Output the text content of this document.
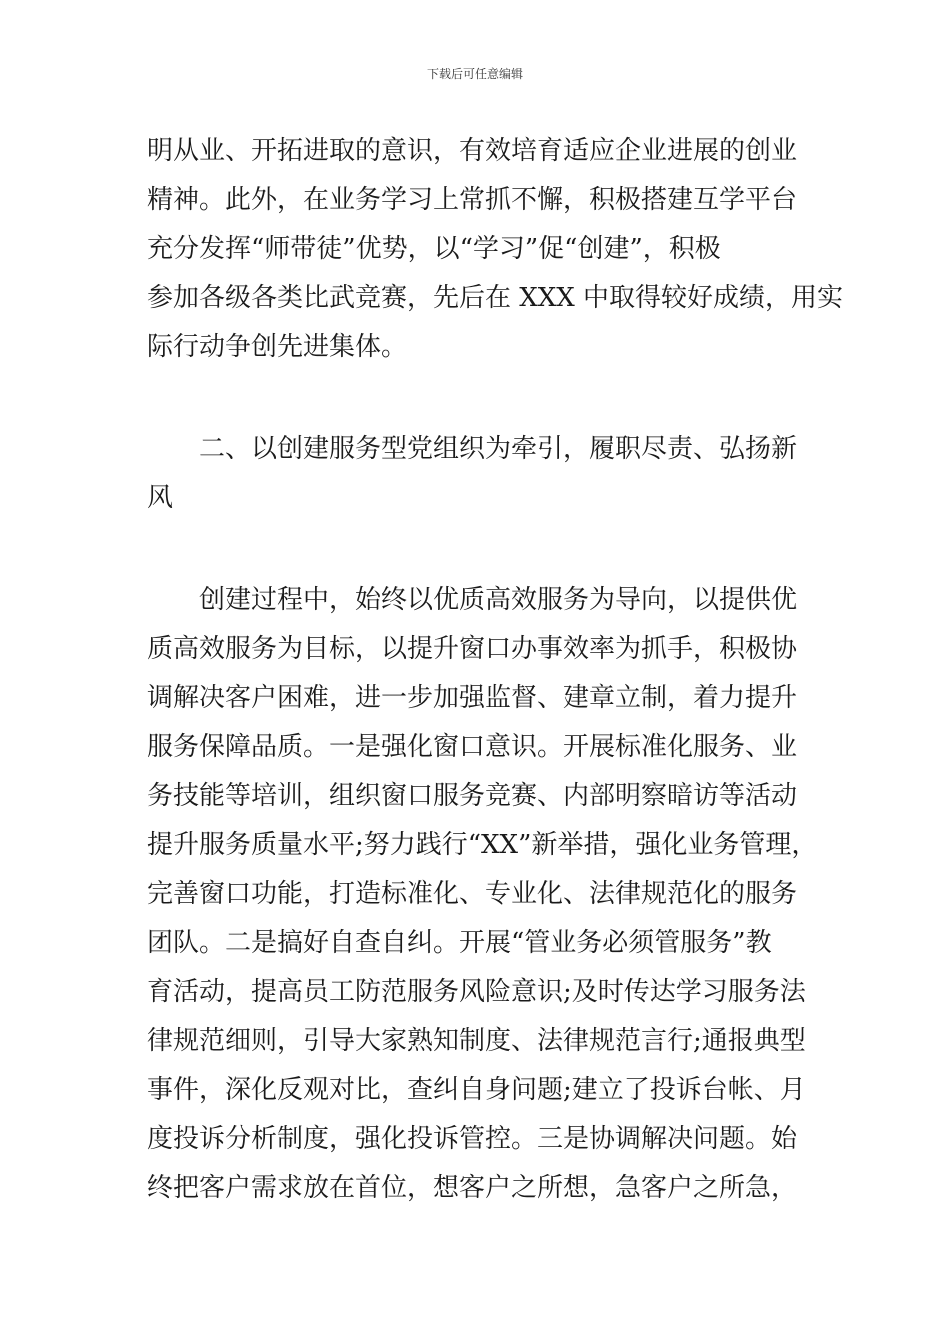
下载后可任意编辑
明从业、开拓进取的意识，有效培育适应企业进展的创业
精神。此外，在业务学习上常抓不懈，积极搭建互学平台
充分发挥“师带徒”优势，以“学习”促“创建”，积极
参加各级各类比武竞赛，先后在 XXX 中取得较好成绩，用实
际行动争创先进集体。
二、以创建服务型党组织为牵引，履职尽责、弘扬新
风
创建过程中，始终以优质高效服务为导向，以提供优
质高效服务为目标，以提升窗口办事效率为抓手，积极协
调解决客户困难，进一步加强监督、建章立制，着力提升
服务保障品质。一是强化窗口意识。开展标准化服务、业
务技能等培训，组织窗口服务竞赛、内部明察暗访等活动
提升服务质量水平;努力践行“XX”新举措，强化业务管理，
完善窗口功能，打造标准化、专业化、法律规范化的服务
团队。二是搞好自查自纠。开展“管业务必须管服务”教
育活动，提高员工防范服务风险意识;及时传达学习服务法
律规范细则，引导大家熟知制度、法律规范言行;通报典型
事件，深化反观对比，查纠自身问题;建立了投诉台帐、月
度投诉分析制度，强化投诉管控。三是协调解决问题。始
终把客户需求放在首位，想客户之所想，急客户之所急，
